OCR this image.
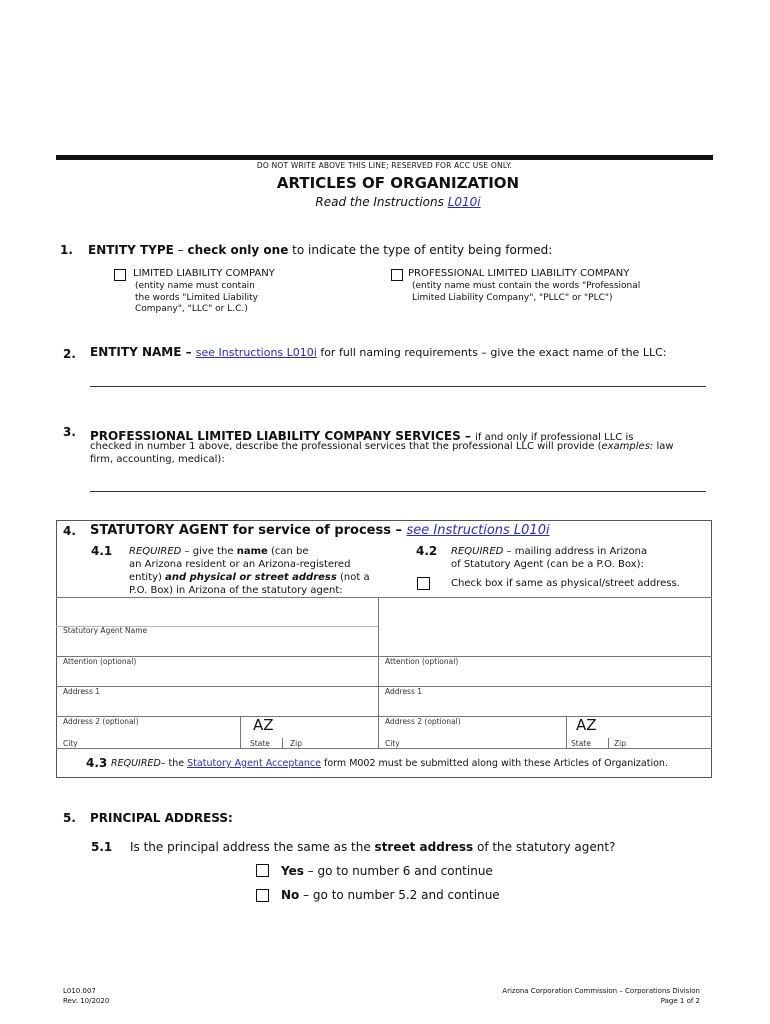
DO NOT WRITE ABOVE THIS LINE; RESERVED FOR ACC USE ONLY.
ARTICLES OF ORGANIZATION
Read the Instructions L010i
1. ENTITY TYPE – check only one to indicate the type of entity being formed:
LIMITED LIABILITY COMPANY
(entity name must contain
the words "Limited Liability
Company", "LLC" or L.C.)
PROFESSIONAL LIMITED LIABILITY COMPANY
(entity name must contain the words "Professional
Limited Liability Company", "PLLC" or "PLC")
2. ENTITY NAME – see Instructions L010i for full naming requirements – give the exact name of the LLC:
3. PROFESSIONAL LIMITED LIABILITY COMPANY SERVICES – if and only if professional LLC is
checked in number 1 above, describe the professional services that the professional LLC will provide (examples: law
firm, accounting, medical):
4. STATUTORY AGENT for service of process – see Instructions L010i
4.1 REQUIRED – give the name (can be
an Arizona resident or an Arizona-registered
entity) and physical or street address (not a
P.O. Box) in Arizona of the statutory agent:
4.2 REQUIRED – mailing address in Arizona
of Statutory Agent (can be a P.O. Box):
Check box if same as physical/street address.
Statutory Agent Name
Attention (optional)
Address 1
Address 2 (optional)
City
AZ
State	Zip
Attention (optional)
Address 1
Address 2 (optional)
City
AZ
State	Zip
4.3 REQUIRED– the Statutory Agent Acceptance form M002 must be submitted along with these Articles of Organization.
5. PRINCIPAL ADDRESS:
5.1 Is the principal address the same as the street address of the statutory agent?
Yes – go to number 6 and continue
No – go to number 5.2 and continue
L010.007
Rev: 10/2020
Arizona Corporation Commission – Corporations Division
Page 1 of 2
